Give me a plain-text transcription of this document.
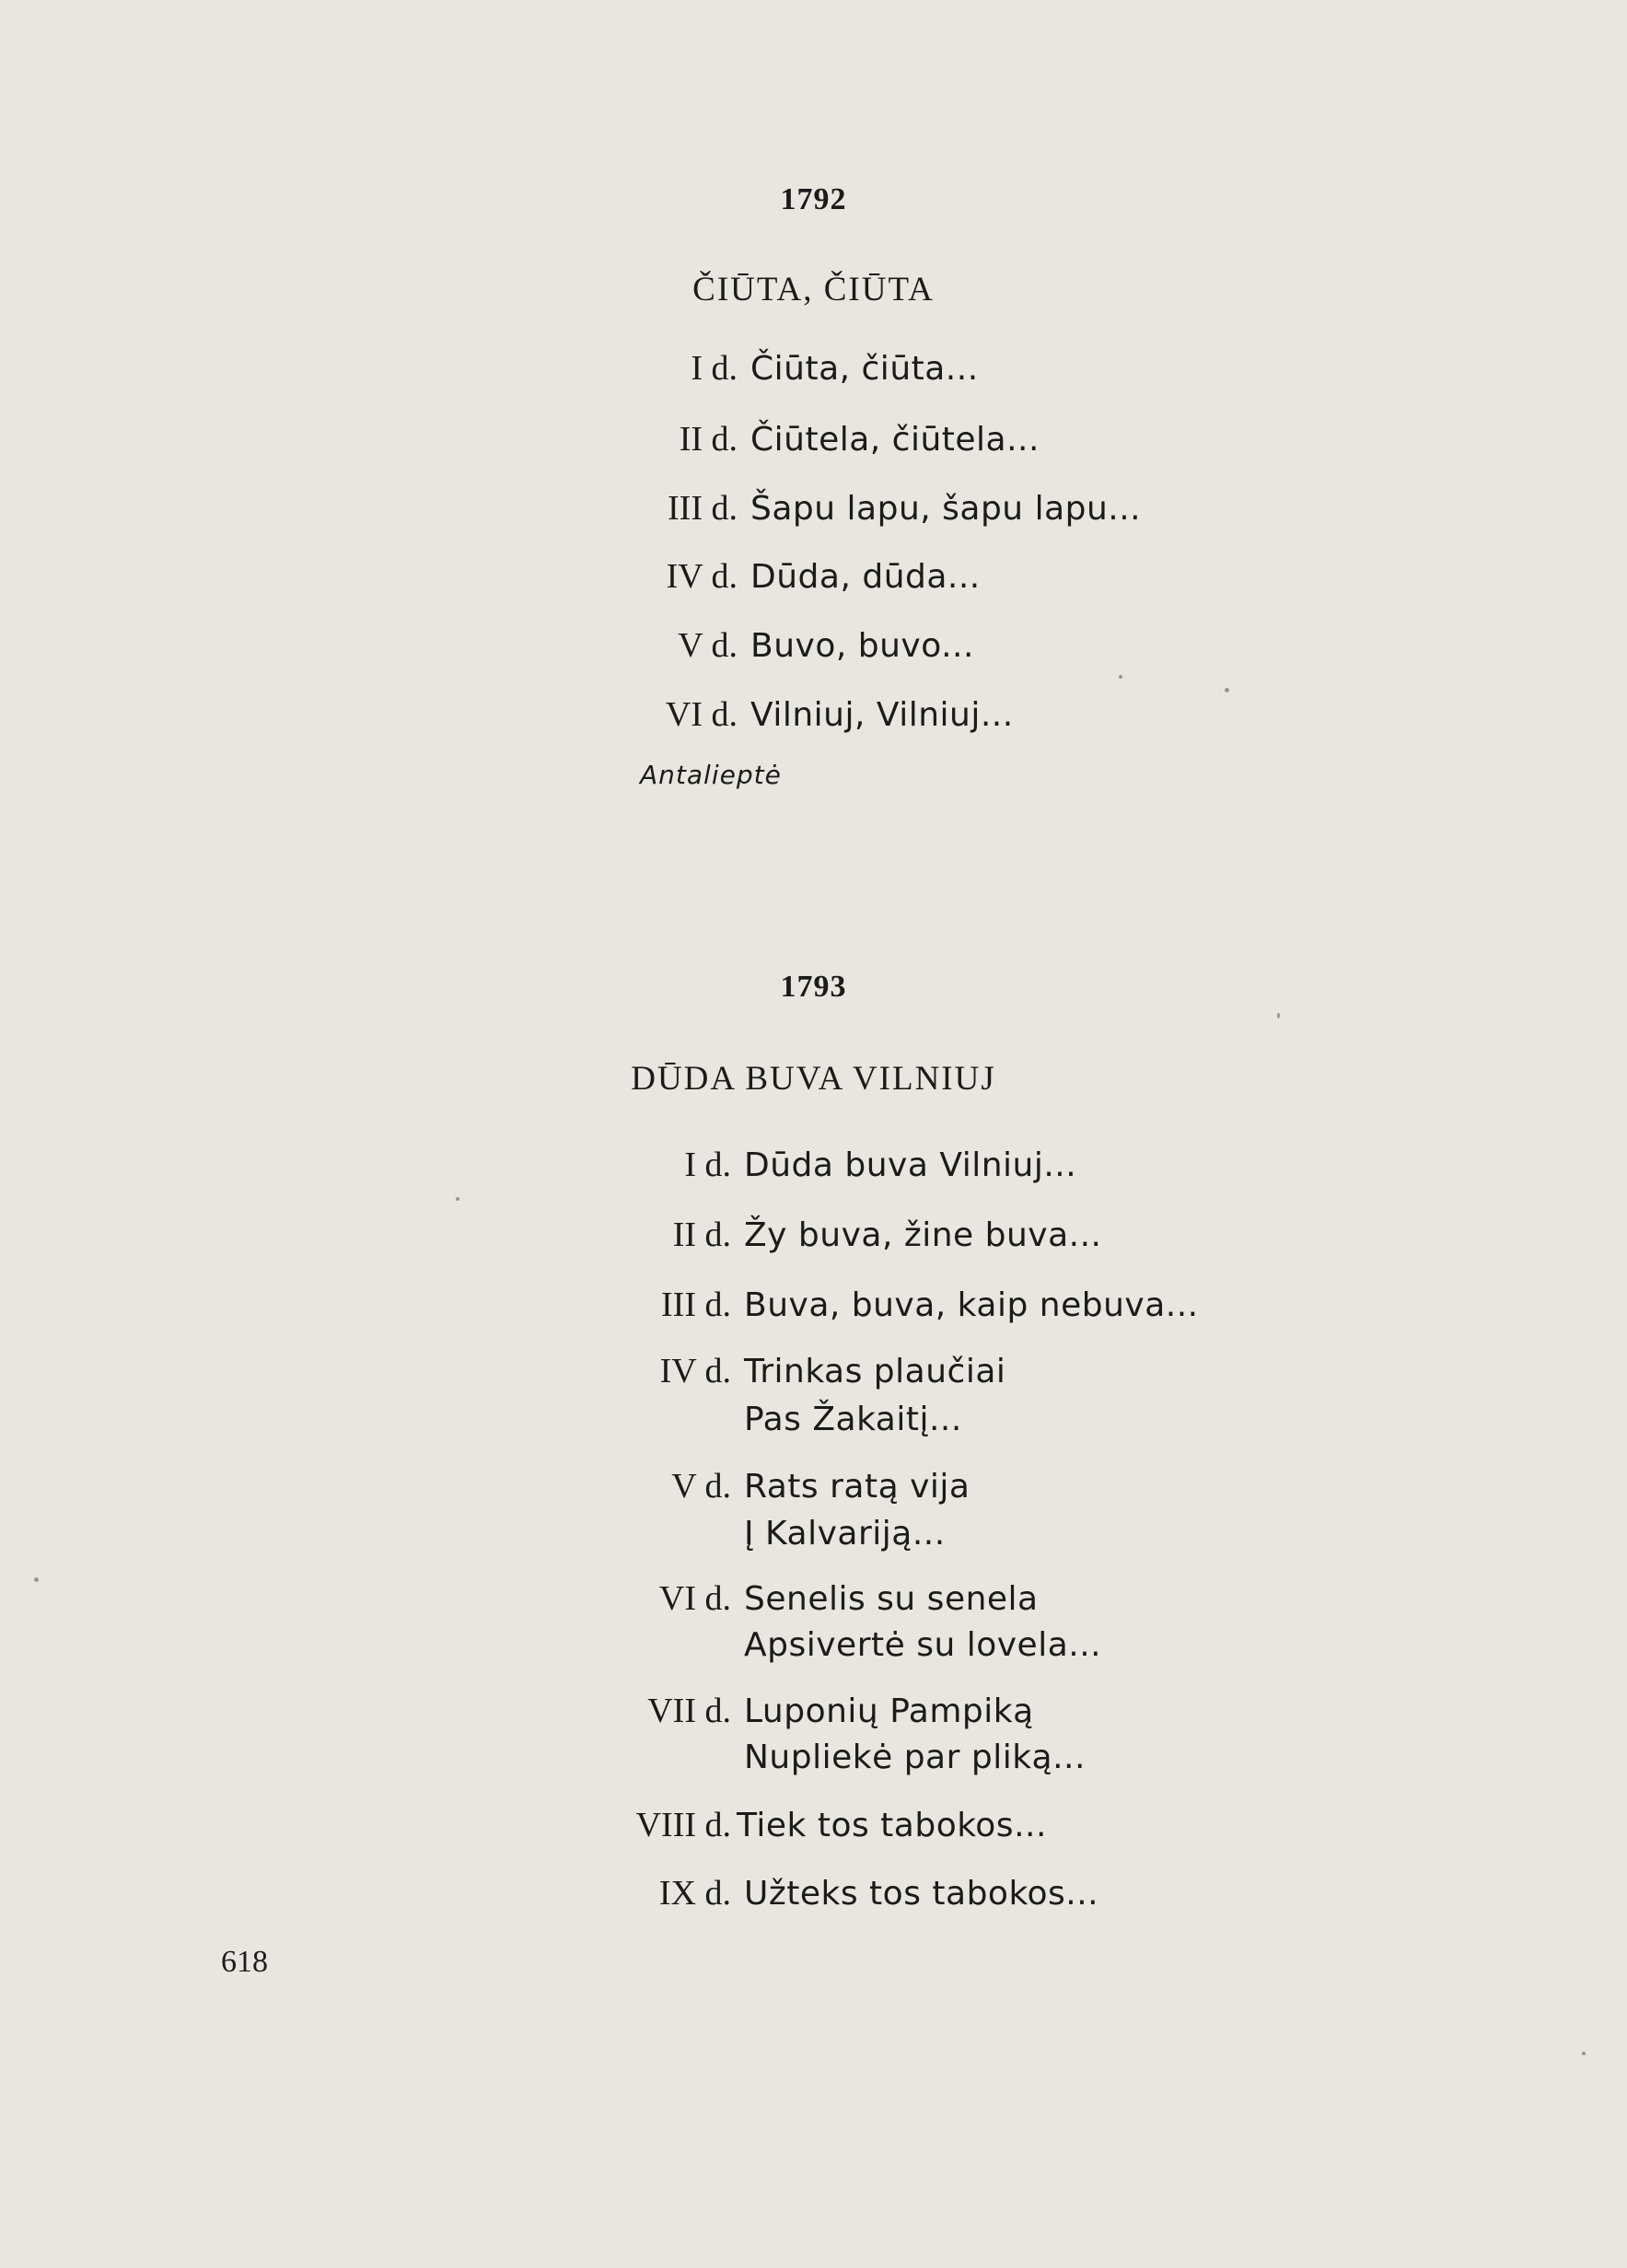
1792
ČIŪTA, ČIŪTA
I d. Čiūta, čiūta...
II d. Čiūtela, čiūtela...
III d. Šapu lapu, šapu lapu...
IV d. Dūda, dūda...
V d. Buvo, buvo...
VI d. Vilniuj, Vilniuj...
Antalieptė
1793
DŪDA BUVA VILNIUJ
I d. Dūda buva Vilniuj...
II d. Žy buva, žine buva...
III d. Buva, buva, kaip nebuva...
IV d. Trinkas plaučiai
Pas Žakaitį...
V d. Rats ratą vija
Į Kalvariją...
VI d. Senelis su senela
Apsivertė su lovela...
VII d. Luponių Pampiką
Nupliekė par pliką...
VIII d. Tiek tos tabokos...
IX d. Užteks tos tabokos...
618
